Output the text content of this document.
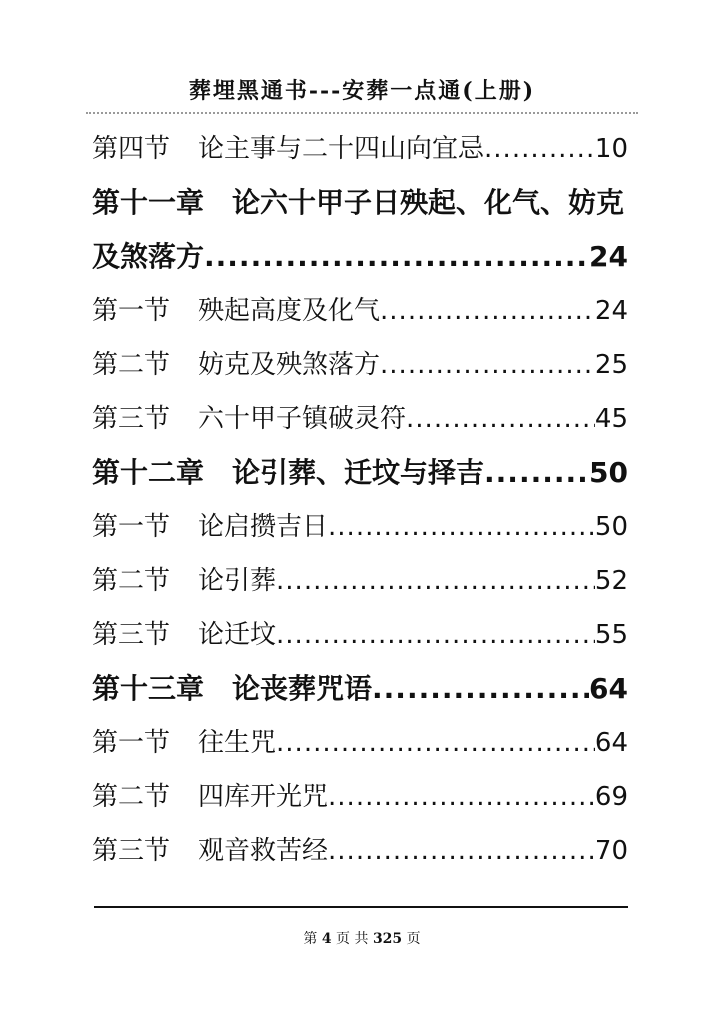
葬埋黑通书---安葬一点通(上册)
第四节 论主事与二十四山向宜忌 .....	10
第十一章 论六十甲子日殃起、化气、妨克
及煞落方 .....	24
第一节 殃起高度及化气 .....	24
第二节 妨克及殃煞落方 .....	25
第三节 六十甲子镇破灵符 .....	45
第十二章 论引葬、迁坟与择吉 .....	50
第一节 论启攒吉日 .....	50
第二节 论引葬 .....	52
第三节 论迁坟 .....	55
第十三章 论丧葬咒语 .....	64
第一节 往生咒 .....	64
第二节 四库开光咒 .....	69
第三节 观音救苦经 .....	70
第 4 页 共 325 页
